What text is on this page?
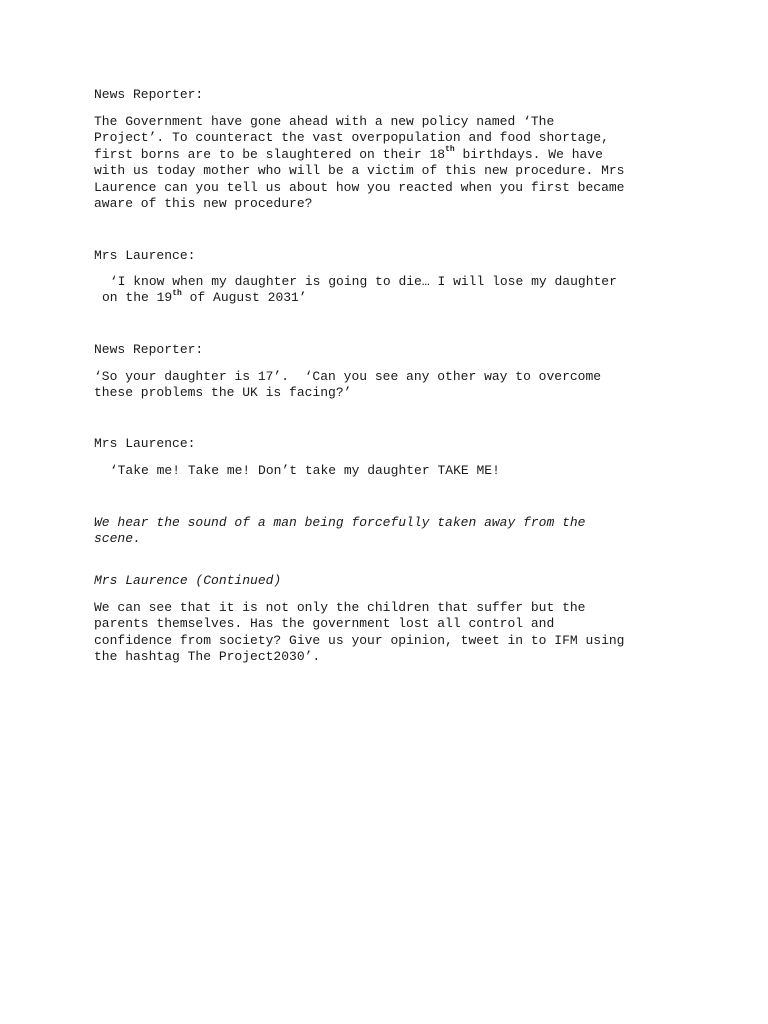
News Reporter:

The Government have gone ahead with a new policy named ‘The
Project’. To counteract the vast overpopulation and food shortage,
first borns are to be slaughtered on their 18th birthdays. We have
with us today mother who will be a victim of this new procedure. Mrs
Laurence can you tell us about how you reacted when you first became
aware of this new procedure?

Mrs Laurence:

‘I know when my daughter is going to die… I will lose my daughter
on the 19th of August 2031’

News Reporter:

‘So your daughter is 17’.  ‘Can you see any other way to overcome
these problems the UK is facing?’

Mrs Laurence:

‘Take me! Take me! Don’t take my daughter TAKE ME!

We hear the sound of a man being forcefully taken away from the
scene.

Mrs Laurence (Continued)

We can see that it is not only the children that suffer but the
parents themselves. Has the government lost all control and
confidence from society? Give us your opinion, tweet in to IFM using
the hashtag The Project2030’.
